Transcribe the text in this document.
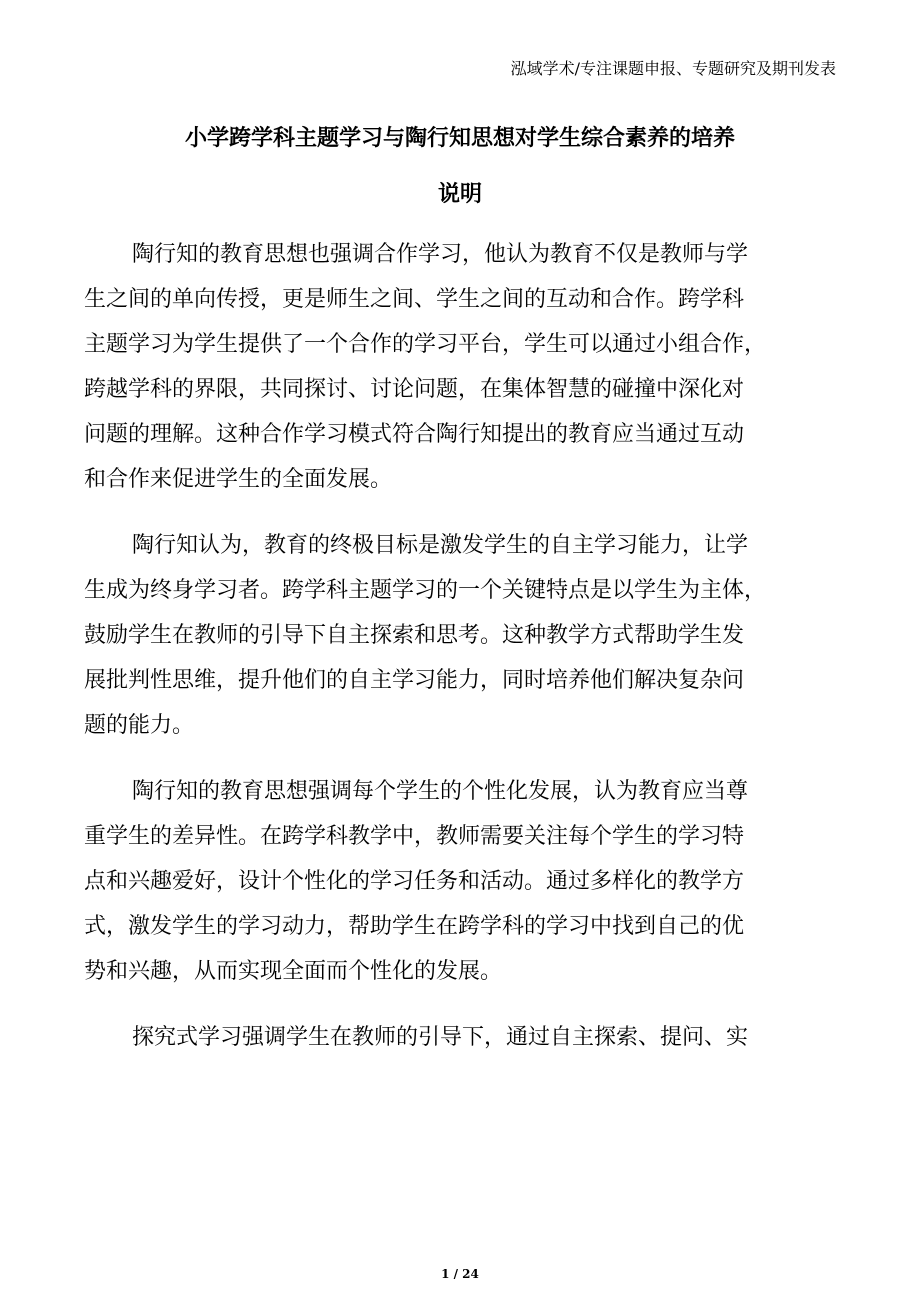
泓域学术/专注课题申报、专题研究及期刊发表
小学跨学科主题学习与陶行知思想对学生综合素养的培养
说明
陶行知的教育思想也强调合作学习，他认为教育不仅是教师与学
生之间的单向传授，更是师生之间、学生之间的互动和合作。跨学科
主题学习为学生提供了一个合作的学习平台，学生可以通过小组合作，
跨越学科的界限，共同探讨、讨论问题，在集体智慧的碰撞中深化对
问题的理解。这种合作学习模式符合陶行知提出的教育应当通过互动
和合作来促进学生的全面发展。
陶行知认为，教育的终极目标是激发学生的自主学习能力，让学
生成为终身学习者。跨学科主题学习的一个关键特点是以学生为主体，
鼓励学生在教师的引导下自主探索和思考。这种教学方式帮助学生发
展批判性思维，提升他们的自主学习能力，同时培养他们解决复杂问
题的能力。
陶行知的教育思想强调每个学生的个性化发展，认为教育应当尊
重学生的差异性。在跨学科教学中，教师需要关注每个学生的学习特
点和兴趣爱好，设计个性化的学习任务和活动。通过多样化的教学方
式，激发学生的学习动力，帮助学生在跨学科的学习中找到自己的优
势和兴趣，从而实现全面而个性化的发展。
探究式学习强调学生在教师的引导下，通过自主探索、提问、实
1 / 24
